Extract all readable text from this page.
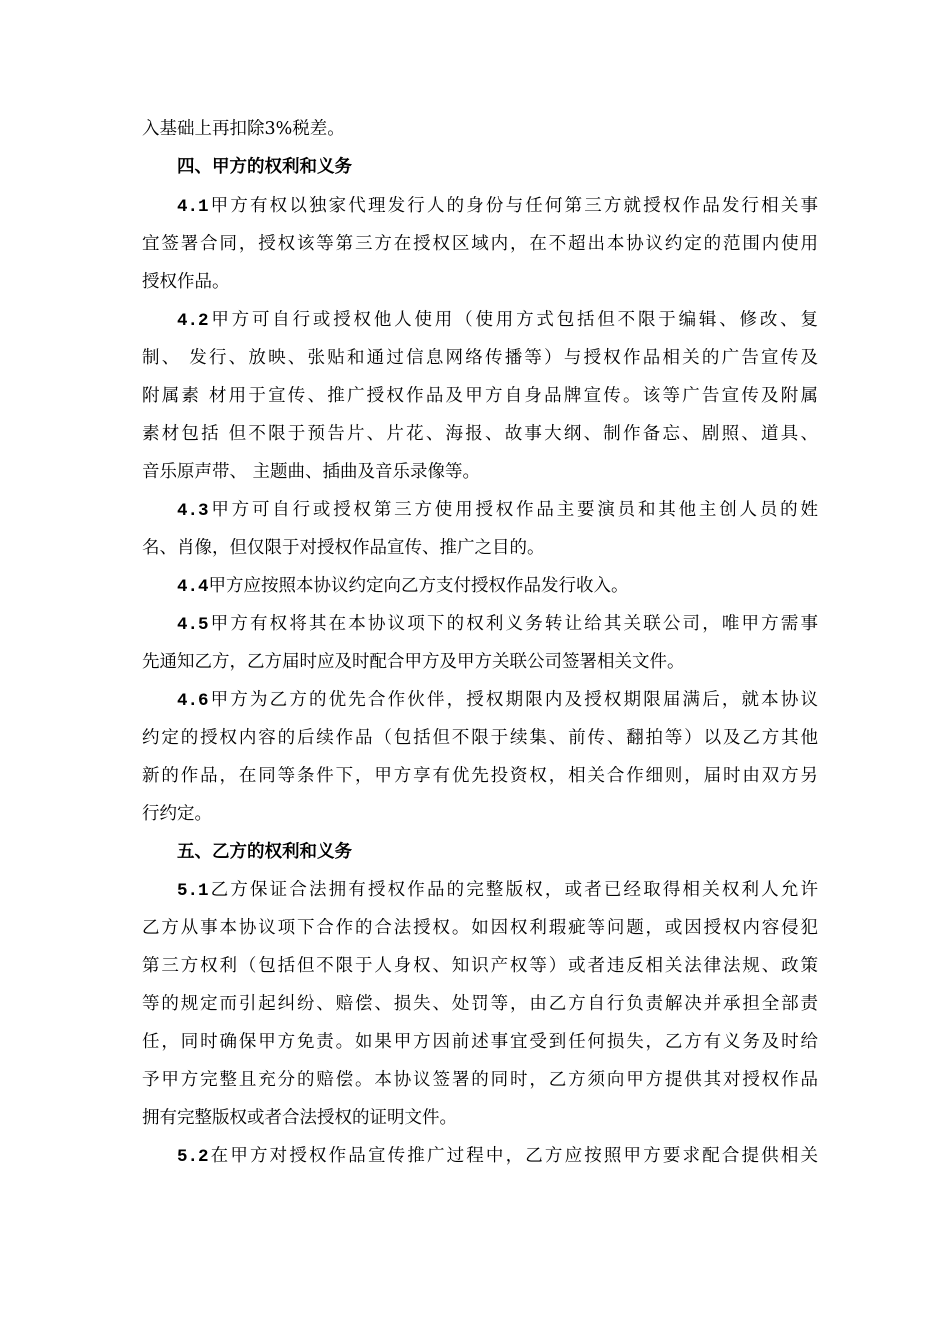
入基础上再扣除3%税差。
四、甲方的权利和义务
4.1甲方有权以独家代理发行人的身份与任何第三方就授权作品发行相关事
宜签署合同，授权该等第三方在授权区域内，在不超出本协议约定的范围内使用
授权作品。
4.2甲方可自行或授权他人使用（使用方式包括但不限于编辑、修改、复
制、 发行、放映、张贴和通过信息网络传播等）与授权作品相关的广告宣传及
附属素 材用于宣传、推广授权作品及甲方自身品牌宣传。该等广告宣传及附属
素材包括 但不限于预告片、片花、海报、故事大纲、制作备忘、剧照、道具、
音乐原声带、 主题曲、插曲及音乐录像等。
4.3甲方可自行或授权第三方使用授权作品主要演员和其他主创人员的姓
名、肖像，但仅限于对授权作品宣传、推广之目的。
4.4甲方应按照本协议约定向乙方支付授权作品发行收入。
4.5甲方有权将其在本协议项下的权利义务转让给其关联公司，唯甲方需事
先通知乙方，乙方届时应及时配合甲方及甲方关联公司签署相关文件。
4.6甲方为乙方的优先合作伙伴，授权期限内及授权期限届满后，就本协议
约定的授权内容的后续作品（包括但不限于续集、前传、翻拍等）以及乙方其他
新的作品，在同等条件下，甲方享有优先投资权，相关合作细则，届时由双方另
行约定。
五、乙方的权利和义务
5.1乙方保证合法拥有授权作品的完整版权，或者已经取得相关权利人允许
乙方从事本协议项下合作的合法授权。如因权利瑕疵等问题，或因授权内容侵犯
第三方权利（包括但不限于人身权、知识产权等）或者违反相关法律法规、政策
等的规定而引起纠纷、赔偿、损失、处罚等，由乙方自行负责解决并承担全部责
任，同时确保甲方免责。如果甲方因前述事宜受到任何损失，乙方有义务及时给
予甲方完整且充分的赔偿。本协议签署的同时，乙方须向甲方提供其对授权作品
拥有完整版权或者合法授权的证明文件。
5.2在甲方对授权作品宣传推广过程中，乙方应按照甲方要求配合提供相关
